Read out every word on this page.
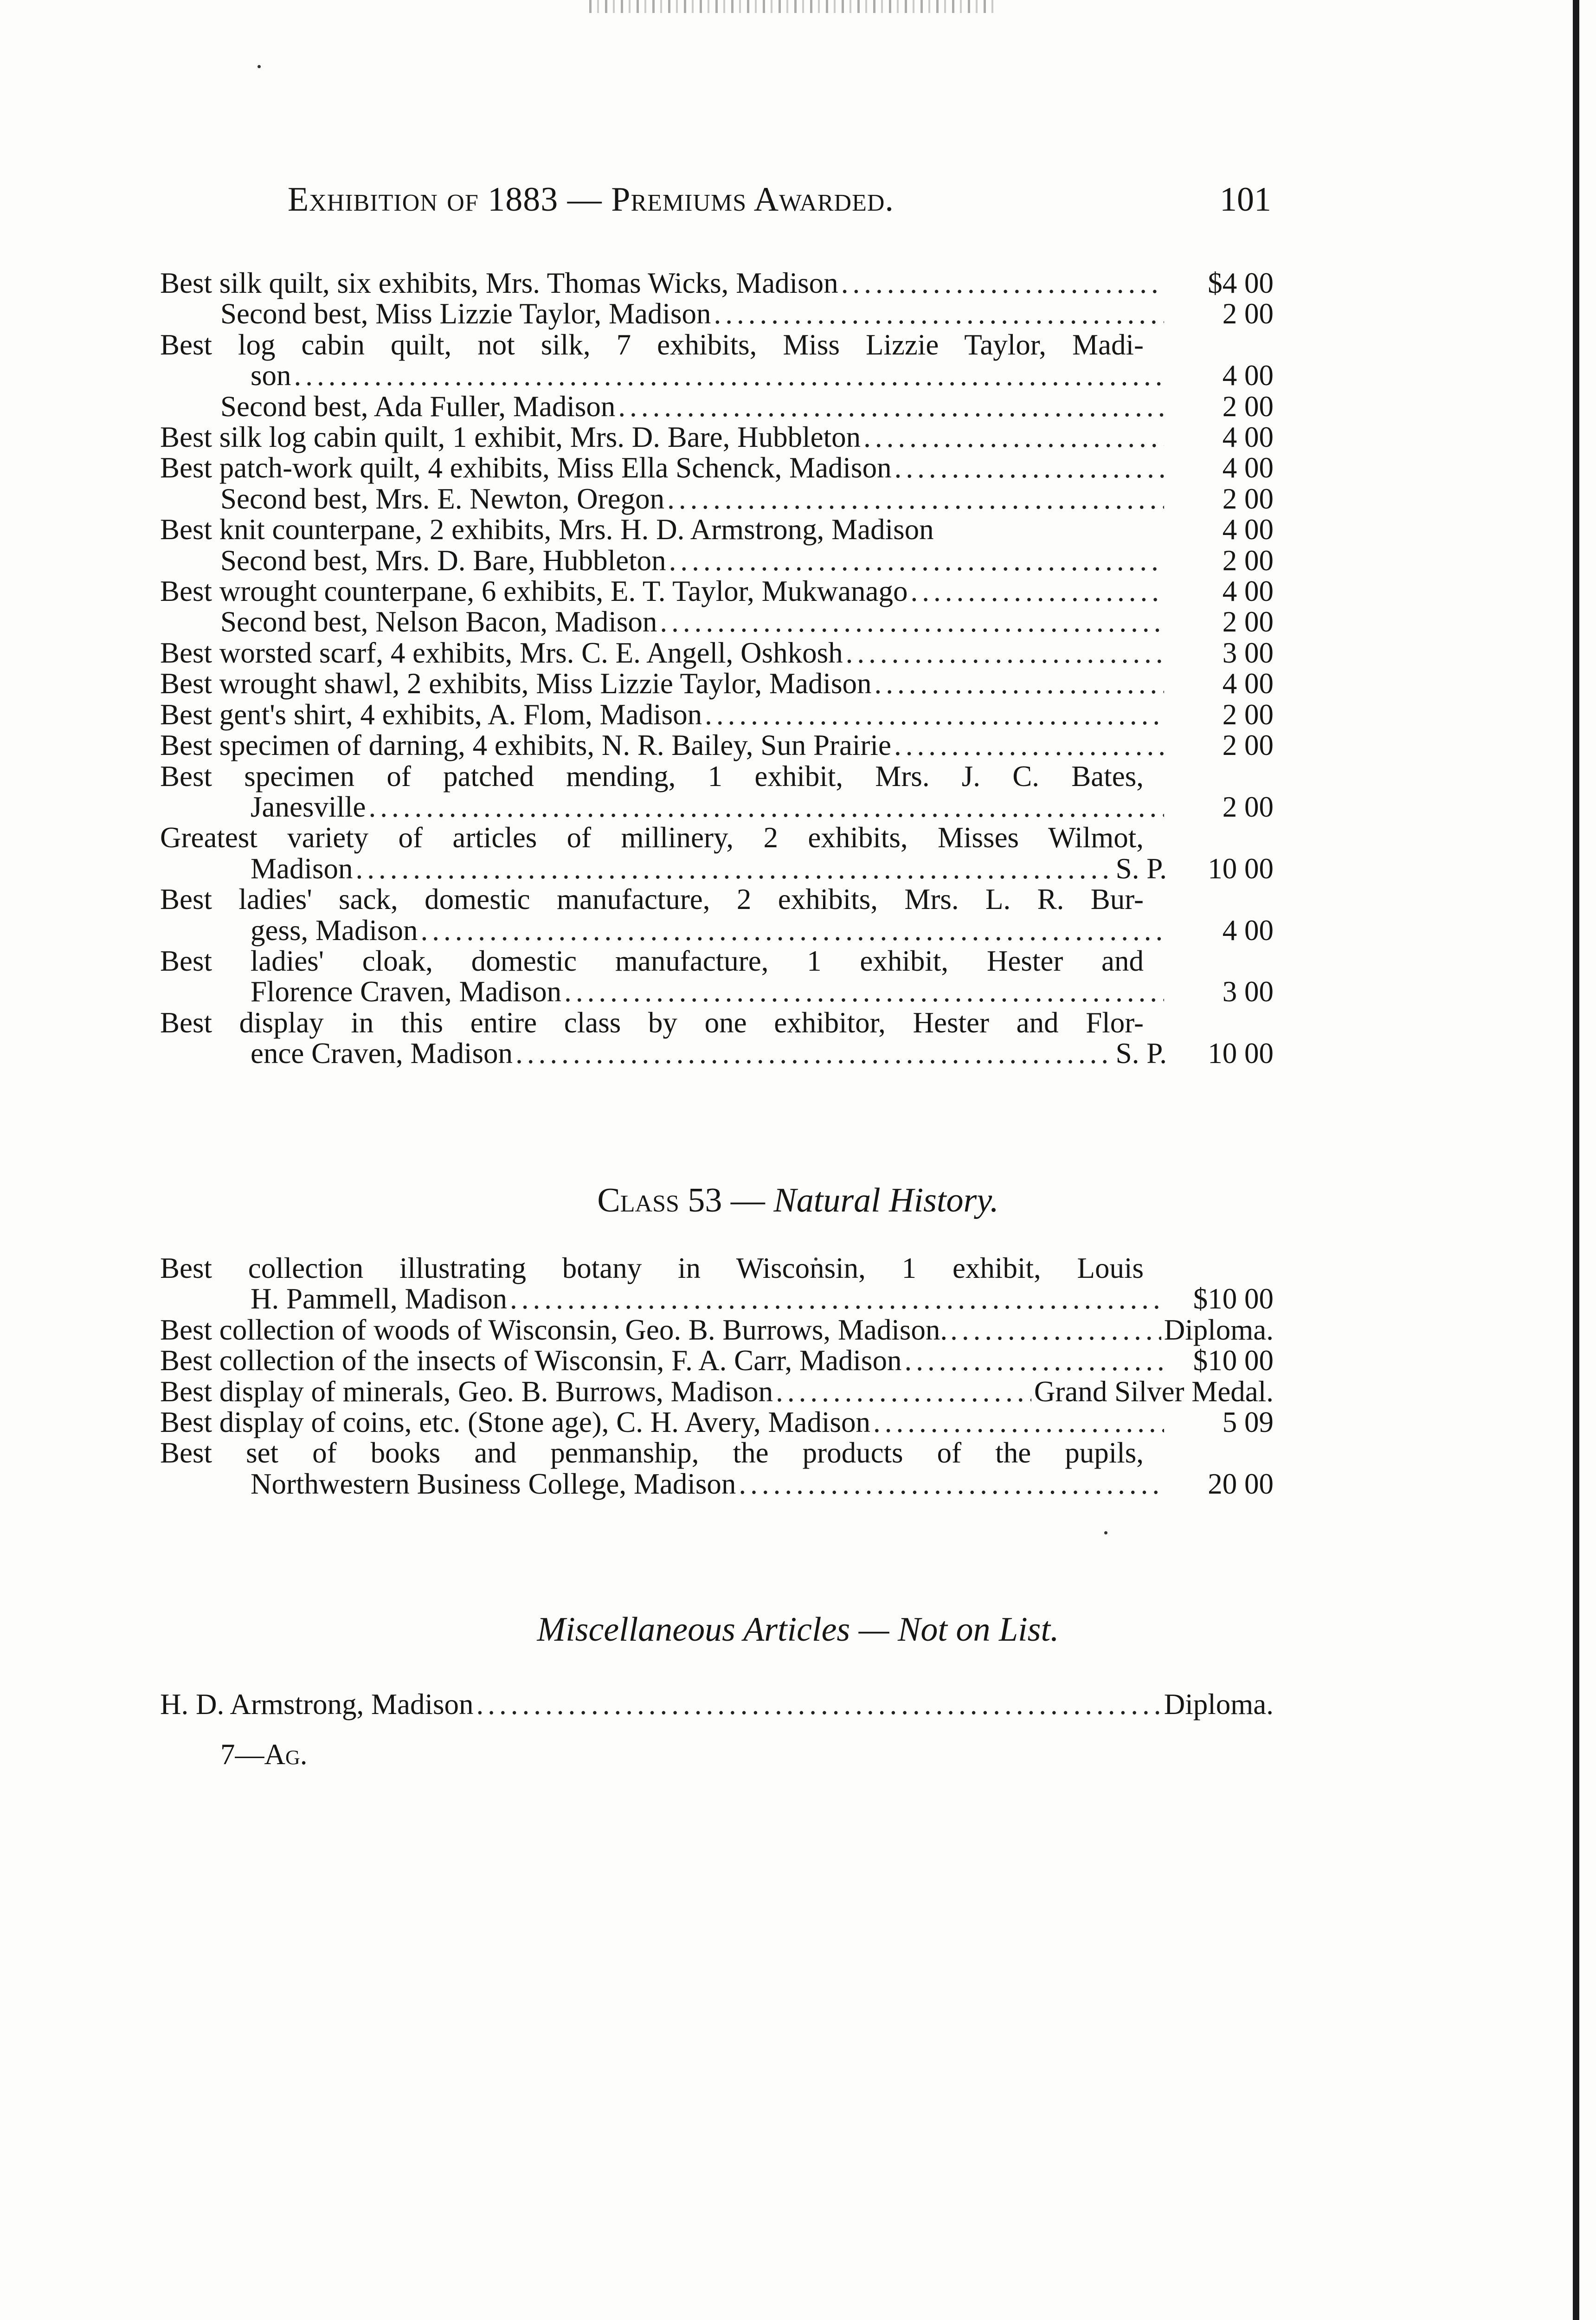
Exhibition of 1883 — Premiums Awarded.	101
Best silk quilt, six exhibits, Mrs. Thomas Wicks, Madison .....	$4 00
Second best, Miss Lizzie Taylor, Madison .....	2 00
Best log cabin quilt, not silk, 7 exhibits, Miss Lizzie Taylor, Madi-
son .....	4 00
Second best, Ada Fuller, Madison .....	2 00
Best silk log cabin quilt, 1 exhibit, Mrs. D. Bare, Hubbleton .....	4 00
Best patch-work quilt, 4 exhibits, Miss Ella Schenck, Madison .....	4 00
Second best, Mrs. E. Newton, Oregon .....	2 00
Best knit counterpane, 2 exhibits, Mrs. H. D. Armstrong, Madison	4 00
Second best, Mrs. D. Bare, Hubbleton .....	2 00
Best wrought counterpane, 6 exhibits, E. T. Taylor, Mukwanago .....	4 00
Second best, Nelson Bacon, Madison .....	2 00
Best worsted scarf, 4 exhibits, Mrs. C. E. Angell, Oshkosh .....	3 00
Best wrought shawl, 2 exhibits, Miss Lizzie Taylor, Madison .....	4 00
Best gent's shirt, 4 exhibits, A. Flom, Madison .....	2 00
Best specimen of darning, 4 exhibits, N. R. Bailey, Sun Prairie .....	2 00
Best specimen of patched mending, 1 exhibit, Mrs. J. C. Bates,
Janesville .....	2 00
Greatest variety of articles of millinery, 2 exhibits, Misses Wilmot,
Madison .....	S. P.	10 00
Best ladies' sack, domestic manufacture, 2 exhibits, Mrs. L. R. Bur-
gess, Madison .....	4 00
Best ladies' cloak, domestic manufacture, 1 exhibit, Hester and
Florence Craven, Madison .....	3 00
Best display in this entire class by one exhibitor, Hester and Flor-
ence Craven, Madison .....	S. P.	10 00
Class 53 — Natural History.
Best collection illustrating botany in Wisconsin, 1 exhibit, Louis
H. Pammell, Madison .....	$10 00
Best collection of woods of Wisconsin, Geo. B. Burrows, Madison. .....	Diploma.
Best collection of the insects of Wisconsin, F. A. Carr, Madison .....	$10 00
Best display of minerals, Geo. B. Burrows, Madison .....	Grand Silver Medal.
Best display of coins, etc. (Stone age), C. H. Avery, Madison .....	5 09
Best set of books and penmanship, the products of the pupils,
Northwestern Business College, Madison .....	20 00
Miscellaneous Articles — Not on List.
H. D. Armstrong, Madison .....	Diploma.
7—Ag.
